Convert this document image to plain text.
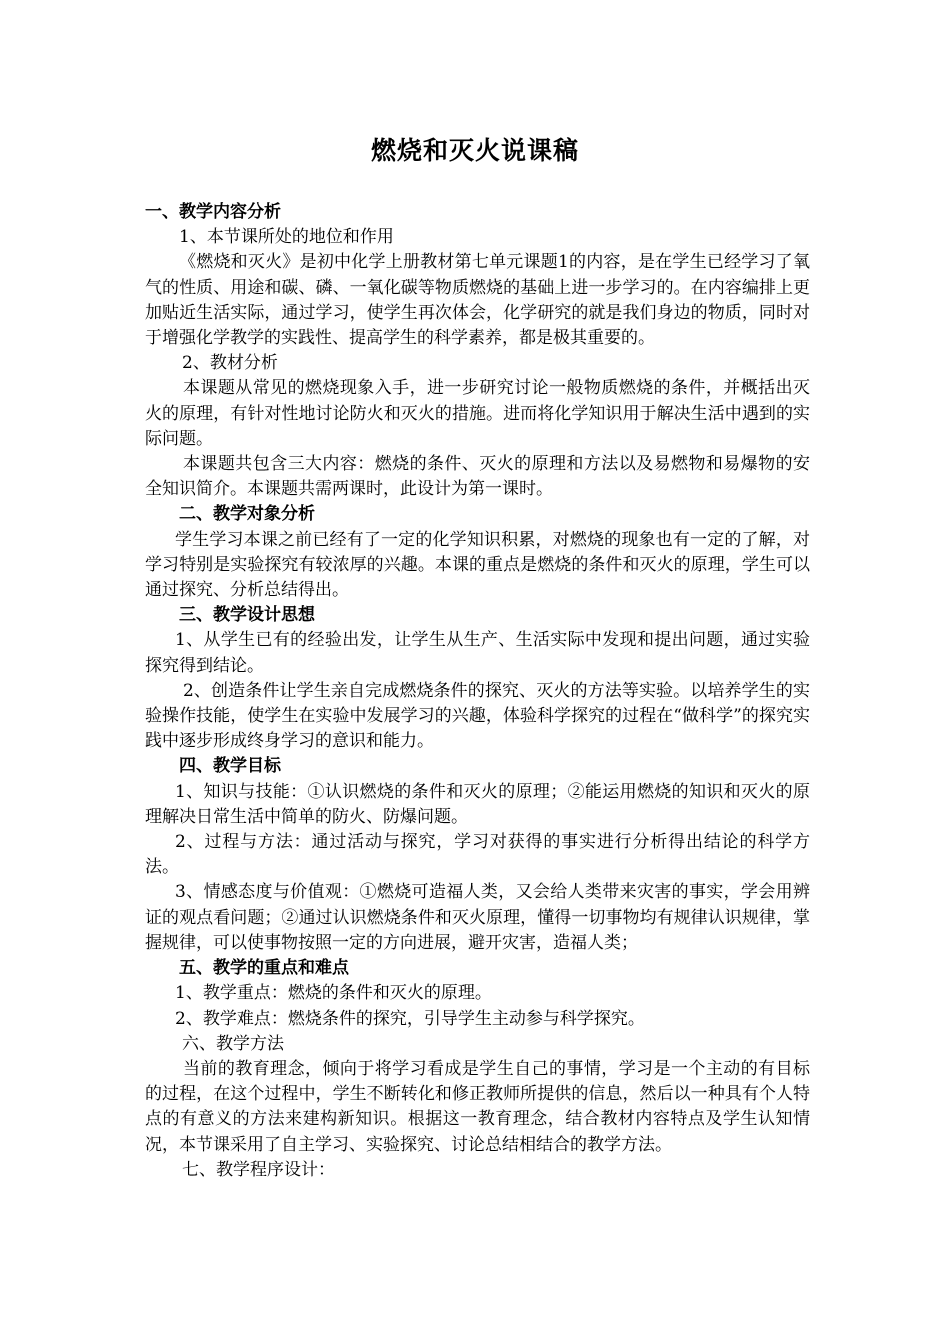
燃烧和灭火说课稿

一、教学内容分析

1、本节课所处的地位和作用

《燃烧和灭火》是初中化学上册教材第七单元课题1的内容，是在学生已经学习了氧气的性质、用途和碳、磷、一氧化碳等物质燃烧的基础上进一步学习的。在内容编排上更加贴近生活实际，通过学习，使学生再次体会，化学研究的就是我们身边的物质，同时对于增强化学教学的实践性、提高学生的科学素养，都是极其重要的。

2、教材分析

本课题从常见的燃烧现象入手，进一步研究讨论一般物质燃烧的条件，并概括出灭火的原理，有针对性地讨论防火和灭火的措施。进而将化学知识用于解决生活中遇到的实际问题。

本课题共包含三大内容：燃烧的条件、灭火的原理和方法以及易燃物和易爆物的安全知识简介。本课题共需两课时，此设计为第一课时。

二、教学对象分析

学生学习本课之前已经有了一定的化学知识积累，对燃烧的现象也有一定的了解，对学习特别是实验探究有较浓厚的兴趣。本课的重点是燃烧的条件和灭火的原理，学生可以通过探究、分析总结得出。

三、教学设计思想

1、从学生已有的经验出发，让学生从生产、生活实际中发现和提出问题，通过实验探究得到结论。

2、创造条件让学生亲自完成燃烧条件的探究、灭火的方法等实验。以培养学生的实验操作技能，使学生在实验中发展学习的兴趣，体验科学探究的过程在“做科学”的探究实践中逐步形成终身学习的意识和能力。

四、教学目标

1、知识与技能：①认识燃烧的条件和灭火的原理；②能运用燃烧的知识和灭火的原理解决日常生活中简单的防火、防爆问题。

2、过程与方法：通过活动与探究，学习对获得的事实进行分析得出结论的科学方法。

3、情感态度与价值观：①燃烧可造福人类，又会给人类带来灾害的事实，学会用辨证的观点看问题；②通过认识燃烧条件和灭火原理，懂得一切事物均有规律认识规律，掌握规律，可以使事物按照一定的方向进展，避开灾害，造福人类；

五、教学的重点和难点

1、教学重点：燃烧的条件和灭火的原理。

2、教学难点：燃烧条件的探究，引导学生主动参与科学探究。

六、教学方法

当前的教育理念，倾向于将学习看成是学生自己的事情，学习是一个主动的有目标的过程，在这个过程中，学生不断转化和修正教师所提供的信息，然后以一种具有个人特点的有意义的方法来建构新知识。根据这一教育理念，结合教材内容特点及学生认知情况，本节课采用了自主学习、实验探究、讨论总结相结合的教学方法。

七、教学程序设计：
